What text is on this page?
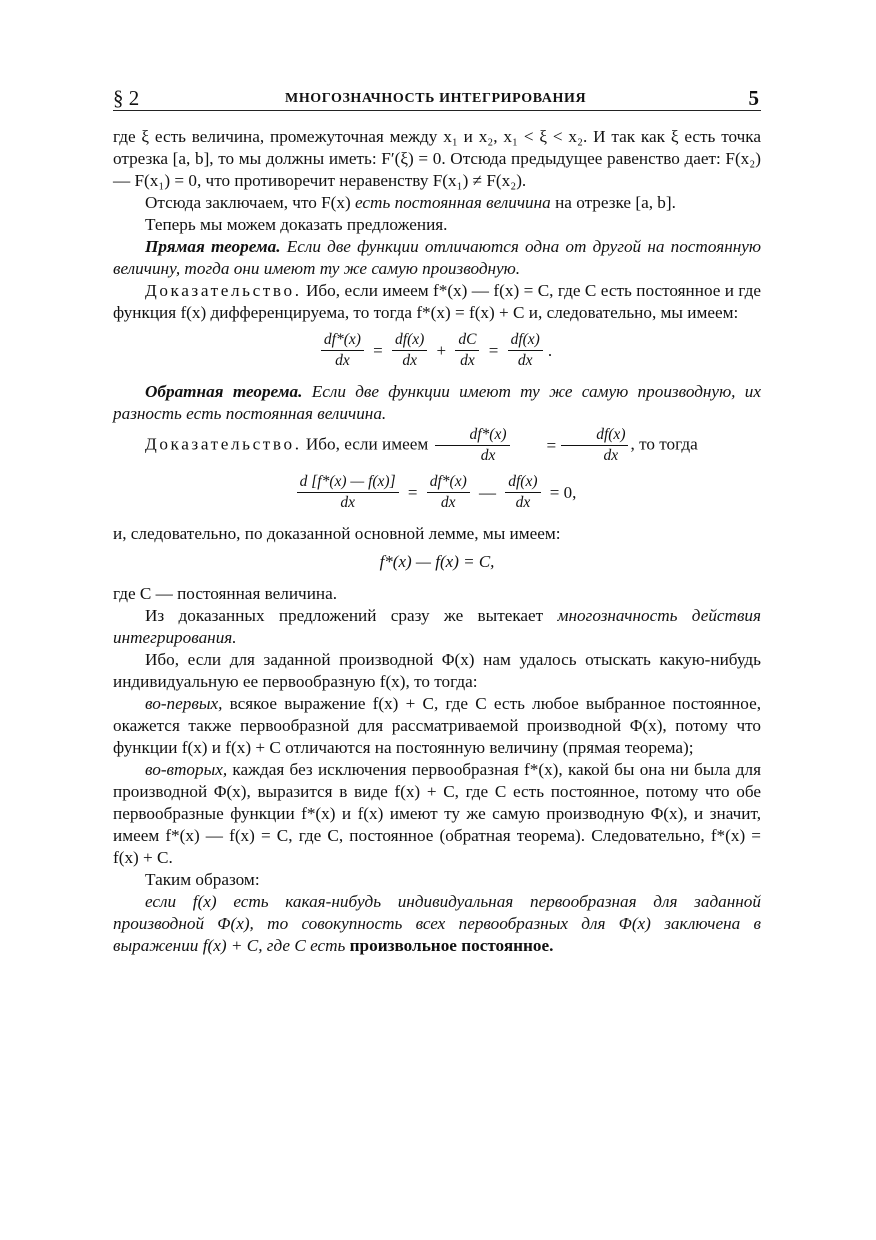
§ 2	МНОГОЗНАЧНОСТЬ ИНТЕГРИРОВАНИЯ	5

где ξ есть величина, промежуточная между x₁ и x₂, x₁ < ξ < x₂. И так как ξ есть точка отрезка [a, b], то мы должны иметь: F′(ξ) = 0. Отсюда предыдущее равенство дает: F(x₂) — F(x₁) = 0, что противоречит неравенству F(x₁) ≠ F(x₂).

Отсюда заключаем, что F(x) есть постоянная величина на отрезке [a, b].

Теперь мы можем доказать предложения.

Прямая теорема. Если две функции отличаются одна от другой на постоянную величину, тогда они имеют ту же самую производную.

Доказательство. Ибо, если имеем f*(x) — f(x) = C, где C есть постоянное и где функция f(x) дифференцируема, то тогда f*(x) = f(x) + C и, следовательно, мы имеем:

$\frac{df*(x)}{dx} = \frac{df(x)}{dx} + \frac{dC}{dx} = \frac{df(x)}{dx}$ .

Обратная теорема. Если две функции имеют ту же самую производную, их разность есть постоянная величина.

Доказательство. Ибо, если имеем $\frac{df*(x)}{dx} = \frac{df(x)}{dx}$ , то тогда

$\frac{d [f*(x) — f(x)]}{dx} = \frac{df*(x)}{dx}$ — $\frac{df(x)}{dx} = 0$,

и, следовательно, по доказанной основной лемме, мы имеем:

f*(x) — f(x) = C,

где C — постоянная величина.

Из доказанных предложений сразу же вытекает многозначность действия интегрирования.

Ибо, если для заданной производной Φ(x) нам удалось отыскать какую-нибудь индивидуальную ее первообразную f(x), то тогда:

во-первых, всякое выражение f(x) + C, где C есть любое выбранное постоянное, окажется также первообразной для рассматриваемой производной Φ(x), потому что функции f(x) и f(x) + C отличаются на постоянную величину (прямая теорема);

во-вторых, каждая без исключения первообразная f*(x), какой бы она ни была для производной Φ(x), выразится в виде f(x) + C, где C есть постоянное, потому что обе первообразные функции f*(x) и f(x) имеют ту же самую производную Φ(x), и значит, имеем f*(x) — f(x) = C, где C, постоянное (обратная теорема). Следовательно, f*(x) = f(x) + C.

Таким образом:

если f(x) есть какая-нибудь индивидуальная первообразная для заданной производной Φ(x), то совокупность всех первообразных для Φ(x) заключена в выражении f(x) + C, где C есть произвольное постоянное.
